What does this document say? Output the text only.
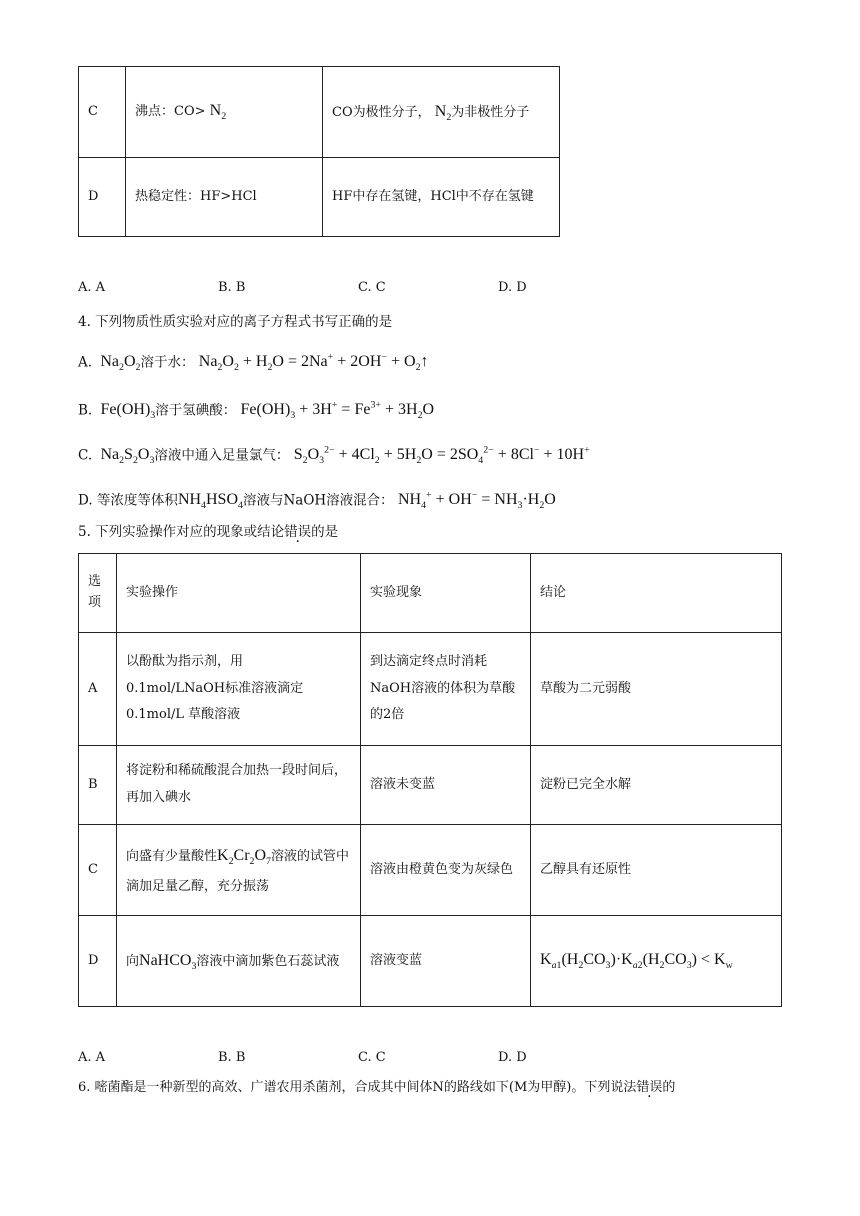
C	沸点：$CO> N_2$	CO为极性分子， $N_2$为非极性分子
D	热稳定性：HF>HCl	HF中存在氢键，HCl中不存在氢键
A. A	B. B	C. C	D. D
4. 下列物质性质实验对应的离子方程式书写正确的是
A.  $Na_2O_2$溶于水： $Na_2O_2 + H_2O = 2Na^+ + 2OH^-$ + $O_2↑$
B.  $Fe(OH)_3$溶于氢碘酸： $Fe(OH)_3 + 3H^+ = Fe^{3+} + 3H_2O$
C.  $Na_2S_2O_3$溶液中通入足量氯气： $S_2O_3^{2-} + 4Cl_2 + 5H_2O = 2SO_4^{2-} + 8Cl^- + 10H^+$
D. 等浓度等体积$NH_4HSO_4$溶液与NaOH溶液混合： $NH_4^+ + OH^- = NH_3\cdot H_2O$
5. 下列实验操作对应的现象或结论错误的是
选
项	实验操作	实验现象	结论
A	以酚酞为指示剂，用
0.1mol/LNaOH标准溶液滴定
0.1mol/L 草酸溶液	到达滴定终点时消耗NaOH溶液的体积为草酸的2倍	草酸为二元弱酸
B	将淀粉和稀硫酸混合加热一段时间后，再加入碘水	溶液未变蓝	淀粉已完全水解
C	向盛有少量酸性$K_2Cr_2O_7$溶液的试管中滴加足量乙醇，充分振荡	溶液由橙黄色变为灰绿色	乙醇具有还原性
D	向NaHCO$_3$溶液中滴加紫色石蕊试液	溶液变蓝	$K_{a1}(H_2CO_3)\cdot K_{a2}(H_2CO_3) < K_w$
A. A	B. B	C. C	D. D
6. 嘧菌酯是一种新型的高效、广谱农用杀菌剂，合成其中间体N的路线如下(M为甲醇)。下列说法错误的
